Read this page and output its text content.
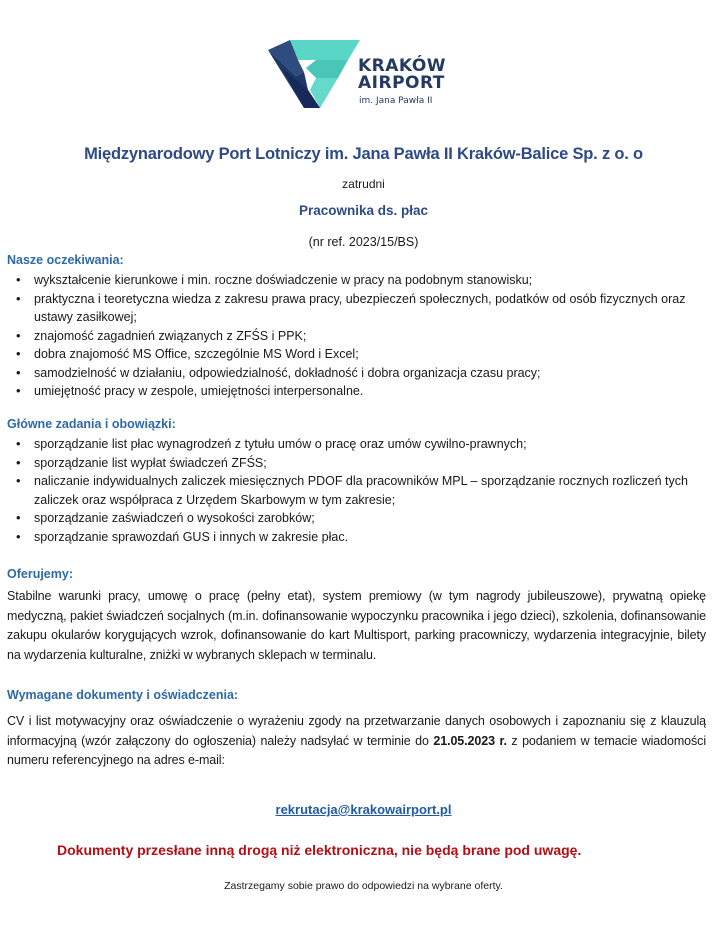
KRAKÓW
AIRPORT
im. Jana Pawła II
Międzynarodowy Port Lotniczy im. Jana Pawła II Kraków-Balice Sp. z o. o
zatrudni
Pracownika ds. płac
(nr ref. 2023/15/BS)
Nasze oczekiwania:
• wykształcenie kierunkowe i min. roczne doświadczenie w pracy na podobnym stanowisku;
• praktyczna i teoretyczna wiedza z zakresu prawa pracy, ubezpieczeń społecznych, podatków od osób fizycznych oraz ustawy zasiłkowej;
• znajomość zagadnień związanych z ZFŚS i PPK;
• dobra znajomość MS Office, szczególnie MS Word i Excel;
• samodzielność w działaniu, odpowiedzialność, dokładność i dobra organizacja czasu pracy;
• umiejętność pracy w zespole, umiejętności interpersonalne.
Główne zadania i obowiązki:
• sporządzanie list płac wynagrodzeń z tytułu umów o pracę oraz umów cywilno-prawnych;
• sporządzanie list wypłat świadczeń ZFŚS;
• naliczanie indywidualnych zaliczek miesięcznych PDOF dla pracowników MPL – sporządzanie rocznych rozliczeń tych zaliczek oraz współpraca z Urzędem Skarbowym w tym zakresie;
• sporządzanie zaświadczeń o wysokości zarobków;
• sporządzanie sprawozdań GUS i innych w zakresie płac.
Oferujemy:
Stabilne warunki pracy, umowę o pracę (pełny etat), system premiowy (w tym nagrody jubileuszowe), prywatną opiekę medyczną, pakiet świadczeń socjalnych (m.in. dofinansowanie wypoczynku pracownika i jego dzieci), szkolenia, dofinansowanie zakupu okularów korygujących wzrok, dofinansowanie do kart Multisport, parking pracowniczy, wydarzenia integracyjnie, bilety na wydarzenia kulturalne, zniżki w wybranych sklepach w terminalu.
Wymagane dokumenty i oświadczenia:
CV i list motywacyjny oraz oświadczenie o wyrażeniu zgody na przetwarzanie danych osobowych i zapoznaniu się z klauzulą informacyjną (wzór załączony do ogłoszenia) należy nadsyłać w terminie do 21.05.2023 r. z podaniem w temacie wiadomości numeru referencyjnego na adres e-mail:
rekrutacja@krakowairport.pl
Dokumenty przesłane inną drogą niż elektroniczna, nie będą brane pod uwagę.
Zastrzegamy sobie prawo do odpowiedzi na wybrane oferty.
